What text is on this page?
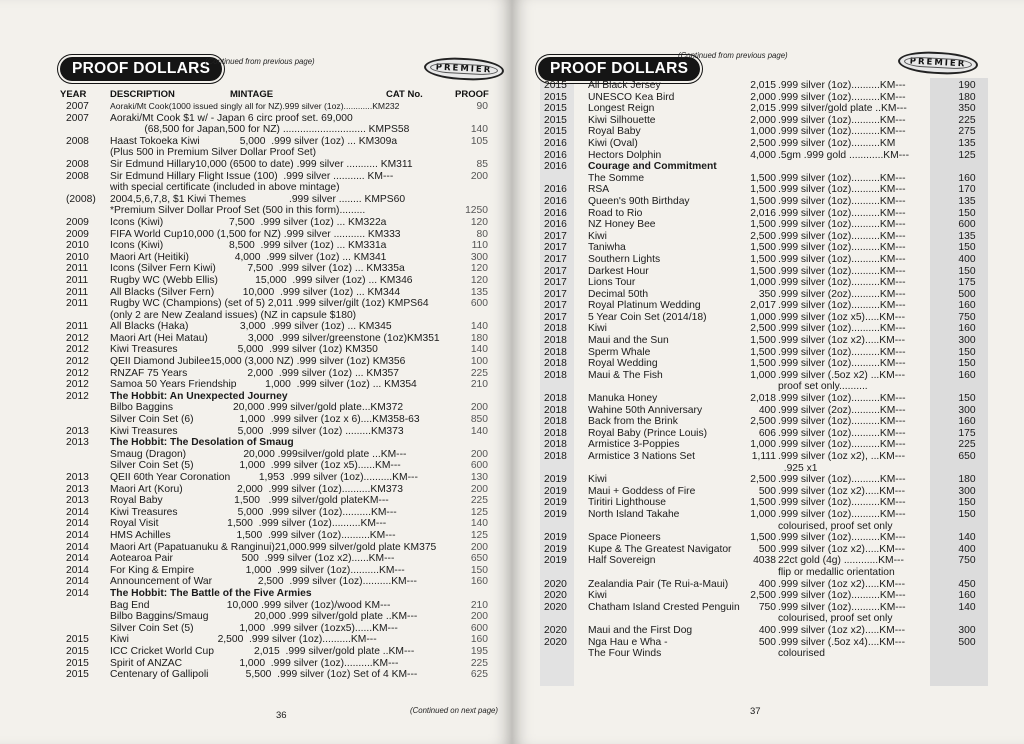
PROOF DOLLARS
(Continued from previous page)
PREMIER
YEAR DESCRIPTION	MINTAGE	CAT No.	PROOF
2007 Aoraki/Mt Cook(1000 issued singly all for NZ).999 silver (1oz)............KM232	90
2007 Aoraki/Mt Cook $1 w/ - Japan 6 circ proof set. 69,000
(68,500 for Japan,500 for NZ) ............................. KMPS58	140
2008 Haast Tokoeka Kiwi              5,000  .999 silver (1oz) ... KM309a	105
(Plus 500 in Premium Silver Dollar Proof Set)
2008 Sir Edmund Hillary10,000 (6500 to date) .999 silver ........... KM311	85
2008 Sir Edmund Hillary Flight Issue (100)  .999 silver ........... KM---	200
with special certificate (included in above mintage)
(2008) 2004,5,6,7,8, $1 Kiwi Themes               .999 silver ........ KMPS60
*Premium Silver Dollar Proof Set (500 in this form).........	1250
2009 Icons (Kiwi)                       7,500  .999 silver (1oz) ... KM322a	120
2009 FIFA World Cup10,000 (1,500 for NZ) .999 silver ........... KM333	80
2010 Icons (Kiwi)                       8,500  .999 silver (1oz) ... KM331a	110
2010 Maori Art (Heitiki)                4,000  .999 silver (1oz) ... KM341	300
2011 Icons (Silver Fern Kiwi)           7,500  .999 silver (1oz) ... KM335a	120
2011 Rugby WC (Webb Ellis)             15,000  .999 silver (1oz) ... KM346	120
2011 All Blacks (Silver Fern)          10,000  .999 silver (1oz) ... KM344	135
2011 Rugby WC (Champions) (set of 5) 2,011 .999 silver/gilt (1oz) KMPS64	600
(only 2 are New Zealand issues) (NZ in capsule $180)
2011 All Blacks (Haka)                  3,000  .999 silver (1oz) ... KM345	140
2012 Maori Art (Hei Matau)              3,000  .999 silver/greenstone (1oz)KM351	180
2012 Kiwi Treasures                     5,000  .999 silver (1oz) KM350	140
2012 QEII Diamond Jubilee15,000 (3,000 NZ) .999 silver (1oz) KM356	100
2012 RNZAF 75 Years                     2,000  .999 silver (1oz) ... KM357	225
2012 Samoa 50 Years Friendship          1,000  .999 silver (1oz) ... KM354	210
2012 The Hobbit: An Unexpected Journey
Bilbo Baggins                     20,000 .999 silver/gold plate...KM372	200
Silver Coin Set (6)                1,000  .999 silver (1oz x 6)....KM358-63	850
2013 Kiwi Treasures                     5,000  .999 silver (1oz) .........KM373	140
2013 The Hobbit: The Desolation of Smaug
Smaug (Dragon)                    20,000 .999silver/gold plate ...KM---	200
Silver Coin Set (5)                1,000  .999 silver (1oz x5)......KM---	600
2013 QEII 60th Year Coronation          1,953  .999 silver (1oz)..........KM---	130
2013 Maori Art (Koru)                   2,000  .999 silver (1oz)..........KM373	200
2013 Royal Baby                         1,500   .999 silver/gold plateKM---	225
2014 Kiwi Treasures                     5,000  .999 silver (1oz)..........KM---	125
2014 Royal Visit                        1,500  .999 silver (1oz)..........KM---	140
2014 HMS Achilles                       1,500  .999 silver (1oz)..........KM---	125
2014 Maori Art (Papatuanuku & Ranginui)21,000.999 silver/gold plate KM375	200
2014 Aotearoa Pair                        500  .999 silver (1oz x2)......KM---	650
2014 For King & Empire                  1,000  .999 silver (1oz)..........KM---	150
2014 Announcement of War                2,500  .999 silver (1oz)..........KM---	160
2014 The Hobbit: The Battle of the Five Armies
Bag End                           10,000 .999 silver (1oz)/wood KM---	210
Bilbo Baggins/Smaug                20,000 .999 silver/gold plate ..KM---	200
Silver Coin Set (5)                1,000  .999 silver (1ozx5)......KM---	600
2015 Kiwi                               2,500  .999 silver (1oz)..........KM---	160
2015 ICC Cricket World Cup              2,015  .999 silver/gold plate ..KM---	195
2015 Spirit of ANZAC                    1,000  .999 silver (1oz)..........KM---	225
2015 Centenary of Gallipoli             5,500  .999 silver (1oz) Set of 4 KM---	625
36	(Continued on next page)
PROOF DOLLARS
(Continued from previous page)
PREMIER
2015 All Black Jersey	2,015 .999 silver (1oz)..........KM---	190
2015 UNESCO Kea Bird	2,000 .999 silver (1oz)..........KM---	180
2015 Longest Reign	2,015 .999 silver/gold plate ..KM---	350
2015 Kiwi Silhouette	2,000 .999 silver (1oz)..........KM---	225
2015 Royal Baby	1,000 .999 silver (1oz)..........KM---	275
2016 Kiwi (Oval)	2,500 .999 silver (1oz)..........KM	135
2016 Hectors Dolphin	4,000 .5gm .999 gold ............KM---	125
2016 Courage and Commitment
The Somme	1,500 .999 silver (1oz)..........KM---	160
2016 RSA	1,500 .999 silver (1oz)..........KM---	170
2016 Queen's 90th Birthday	1,500 .999 silver (1oz)..........KM---	135
2016 Road to Rio	2,016 .999 silver (1oz)..........KM---	150
2016 NZ Honey Bee	1,500 .999 silver (1oz)..........KM---	600
2017 Kiwi	2,500 .999 silver (1oz)..........KM---	135
2017 Taniwha	1,500 .999 silver (1oz)..........KM---	150
2017 Southern Lights	1,500 .999 silver (1oz)..........KM---	400
2017 Darkest Hour	1,500 .999 silver (1oz)..........KM---	150
2017 Lions Tour	1,000 .999 silver (1oz)..........KM---	175
2017 Decimal 50th	350 .999 silver (2oz)..........KM---	500
2017 Royal Platinum Wedding	2,017 .999 silver (1oz)..........KM---	160
2017 5 Year Coin Set (2014/18)	1,000 .999 silver (1oz x5).....KM---	750
2018 Kiwi	2,500 .999 silver (1oz)..........KM---	160
2018 Maui and the Sun	1,500 .999 silver (1oz x2).....KM---	300
2018 Sperm Whale	1,500 .999 silver (1oz)..........KM---	150
2018 Royal Wedding	1,500 .999 silver (1oz)..........KM---	150
2018 Maui & The Fish	1,000 .999 silver (.5oz x2) ...KM---	160
proof set only..........
2018 Manuka Honey	2,018 .999 silver (1oz)..........KM---	150
2018 Wahine 50th Anniversary	400 .999 silver (2oz)..........KM---	300
2018 Back from the Brink	2,500 .999 silver (1oz)..........KM---	160
2018 Royal Baby (Prince Louis)	606 .999 silver (1oz)..........KM---	175
2018 Armistice 3-Poppies	1,000 .999 silver (1oz)..........KM---	225
2018 Armistice 3 Nations Set	1,111 .999 silver (1oz x2), ...KM---	650
.925 x1
2019 Kiwi	2,500 .999 silver (1oz)..........KM---	180
2019 Maui + Goddess of Fire	500 .999 silver (1oz x2).....KM---	300
2019 Tiritiri Lighthouse	1,500 .999 silver (1oz)..........KM---	150
2019 North Island Takahe	1,000 .999 silver (1oz)..........KM---	150
colourised, proof set only
2019 Space Pioneers	1,500 .999 silver (1oz)..........KM---	140
2019 Kupe & The Greatest Navigator	500 .999 silver (1oz x2).....KM---	400
2019 Half Sovereign	4038 22ct gold (4g) ............KM---	750
flip or medallic orientation
2020 Zealandia Pair (Te Rui-a-Maui)	400 .999 silver (1oz x2).....KM---	450
2020 Kiwi	2,500 .999 silver (1oz)..........KM---	160
2020 Chatham Island Crested Penguin 750 .999 silver (1oz)..........KM---	140
colourised, proof set only
2020 Maui and the First Dog	400 .999 silver (1oz x2).....KM---	300
2020 Nga Hau e Wha -	500 .999 silver (.5oz x4)....KM---	500
The Four Winds	colourised
37
